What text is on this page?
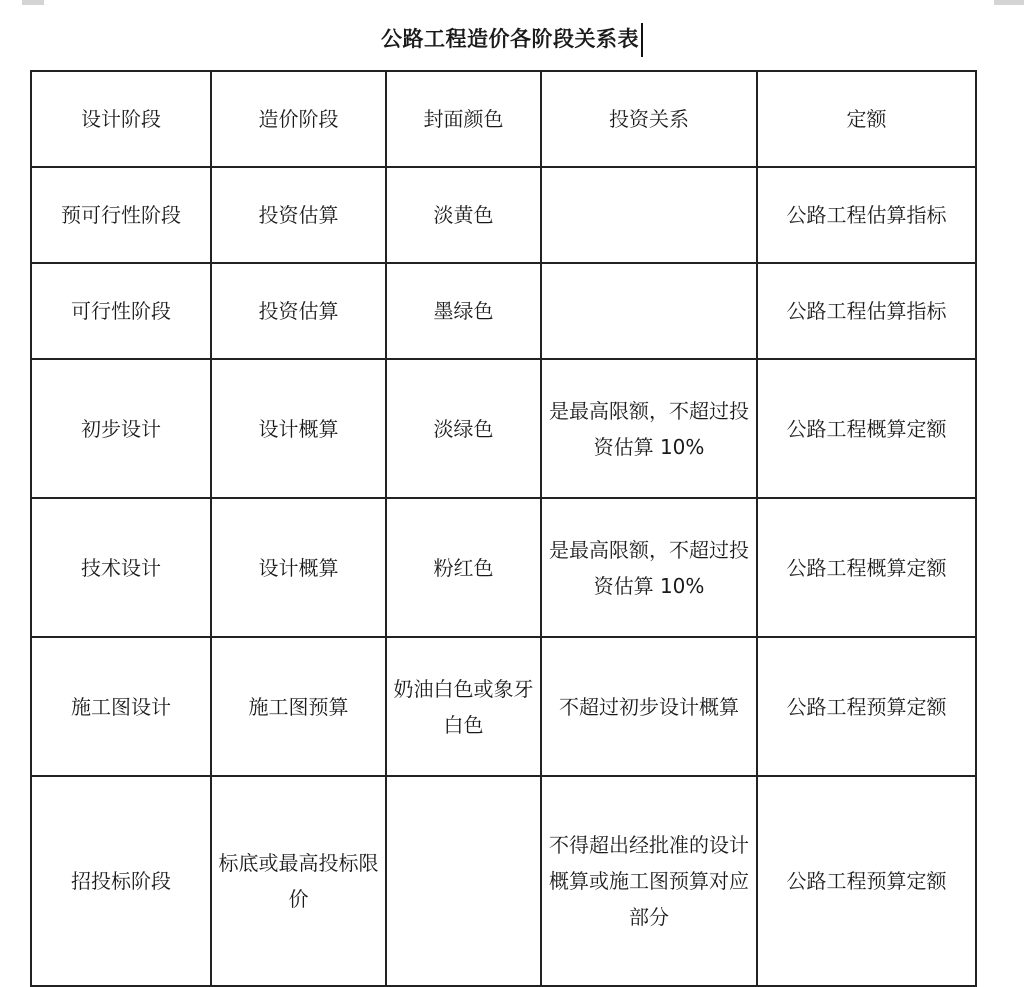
公路工程造价各阶段关系表
设计阶段	造价阶段	封面颜色	投资关系	定额

预可行性阶段	投资估算	淡黄色		公路工程估算指标

可行性阶段	投资估算	墨绿色		公路工程估算指标

初步设计	设计概算	淡绿色	是最高限额，不超过投资估算 10%	公路工程概算定额

技术设计	设计概算	粉红色	是最高限额，不超过投资估算 10%	公路工程概算定额

施工图设计	施工图预算	奶油白色或象牙白色	不超过初步设计概算	公路工程预算定额

招投标阶段	标底或最高投标限价		不得超出经批准的设计概算或施工图预算对应部分	公路工程预算定额
